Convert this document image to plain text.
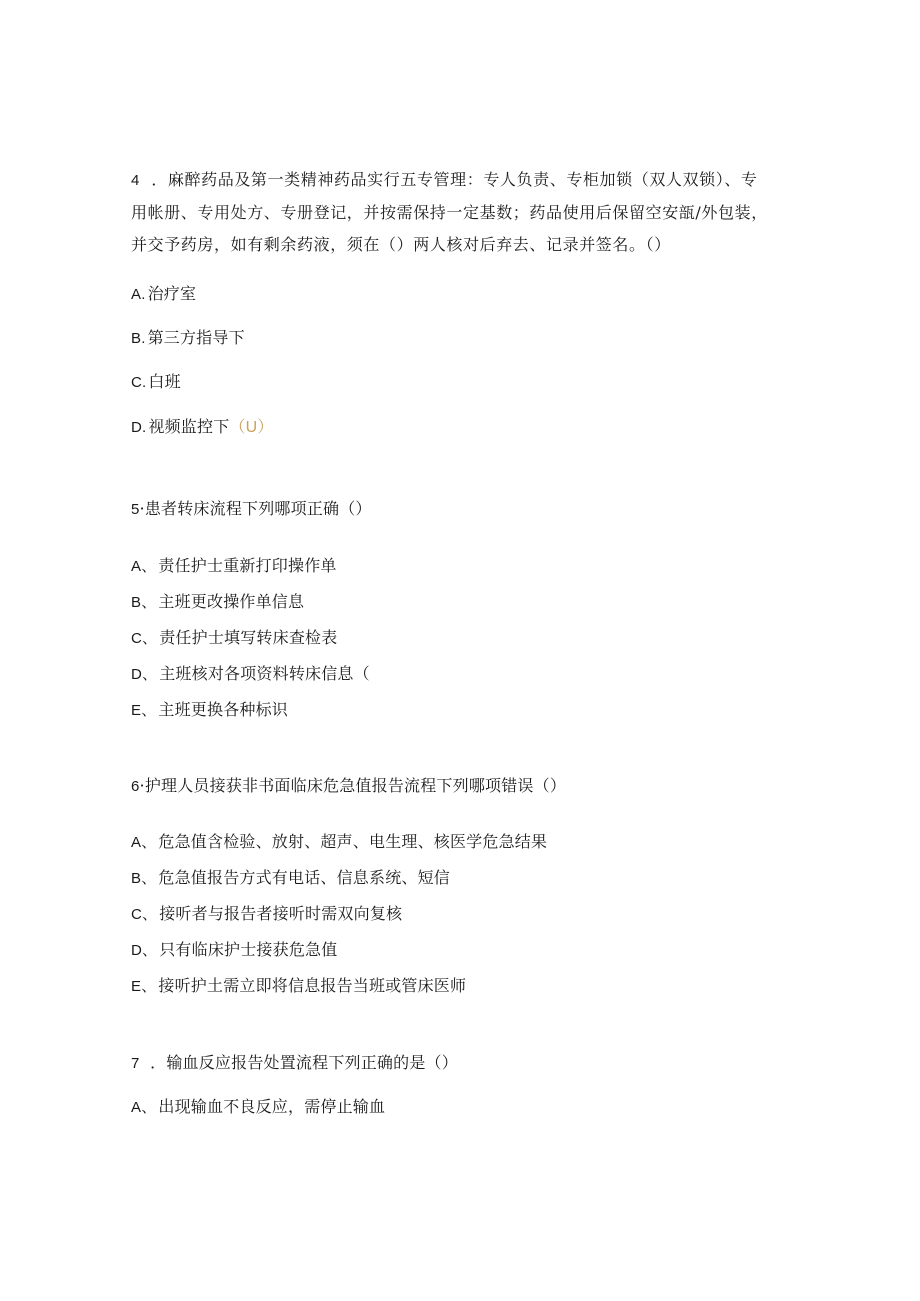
4 ．麻醉药品及第一类精神药品实行五专管理：专人负责、专柜加锁（双人双锁）、专
用帐册、专用处方、专册登记，并按需保持一定基数；药品使用后保留空安瓿/外包装，
并交予药房，如有剩余药液，须在（）两人核对后弃去、记录并签名。（）
A. 治疗室
B. 第三方指导下
C. 白班
D. 视频监控下（U）
5·患者转床流程下列哪项正确（）
A、 责任护士重新打印操作单
B、 主班更改操作单信息
C、 责任护士填写转床查检表
D、 主班核对各项资料转床信息（
E、 主班更换各种标识
6·护理人员接获非书面临床危急值报告流程下列哪项错误（）
A、 危急值含检验、放射、超声、电生理、核医学危急结果
B、 危急值报告方式有电话、信息系统、短信
C、 接听者与报告者接听时需双向复核
D、 只有临床护士接获危急值
E、 接听护土需立即将信息报告当班或管床医师
7 ．输血反应报告处置流程下列正确的是（）
A、 出现输血不良反应，需停止输血
